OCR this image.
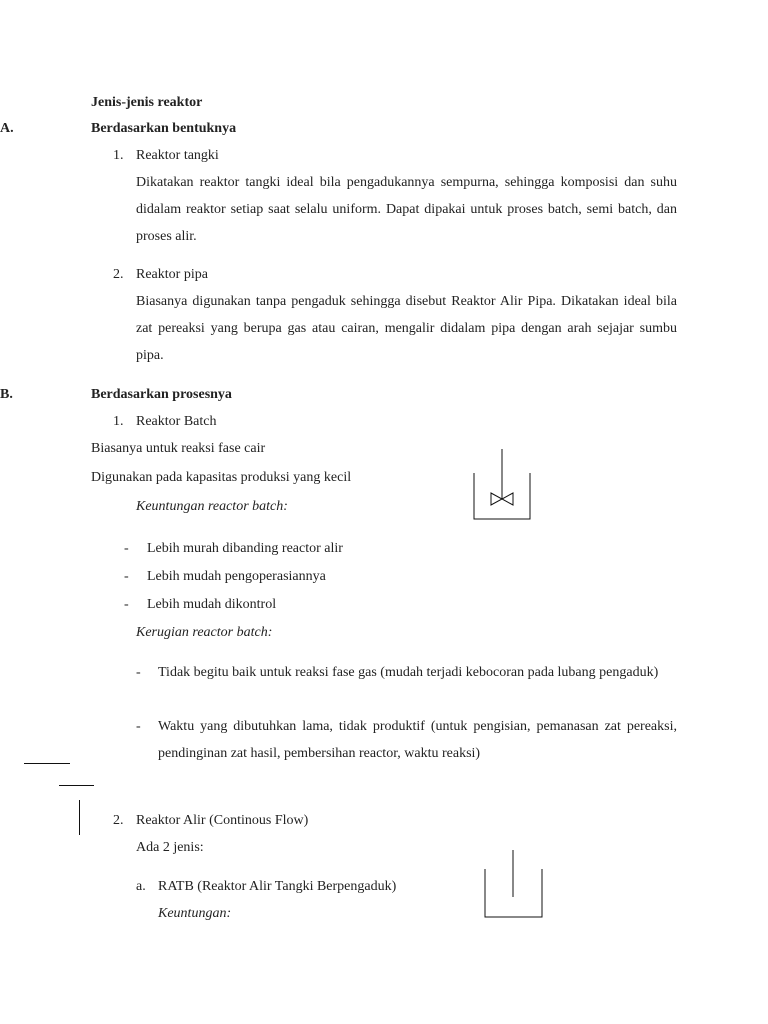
Jenis-jenis reaktor
A.	Berdasarkan bentuknya
1. Reaktor tangki
Dikatakan reaktor tangki ideal bila pengadukannya sempurna, sehingga komposisi dan suhu didalam reaktor setiap saat selalu uniform. Dapat dipakai untuk proses batch, semi batch, dan proses alir.
2. Reaktor pipa
Biasanya digunakan tanpa pengaduk sehingga disebut Reaktor Alir Pipa. Dikatakan ideal bila zat pereaksi yang berupa gas atau cairan, mengalir didalam pipa dengan arah sejajar sumbu pipa.
B.	Berdasarkan prosesnya
1. Reaktor Batch
Biasanya untuk reaksi fase cair
Digunakan pada kapasitas produksi yang kecil
Keuntungan reactor batch:
- Lebih murah dibanding reactor alir
- Lebih mudah pengoperasiannya
- Lebih mudah dikontrol
Kerugian reactor batch:
- Tidak begitu baik untuk reaksi fase gas (mudah terjadi kebocoran pada lubang pengaduk)
- Waktu yang dibutuhkan lama, tidak produktif (untuk pengisian, pemanasan zat pereaksi, pendinginan zat hasil, pembersihan reactor, waktu reaksi)
2. Reaktor Alir (Continous Flow)
Ada 2 jenis:
a. RATB (Reaktor Alir Tangki Berpengaduk)
Keuntungan:
